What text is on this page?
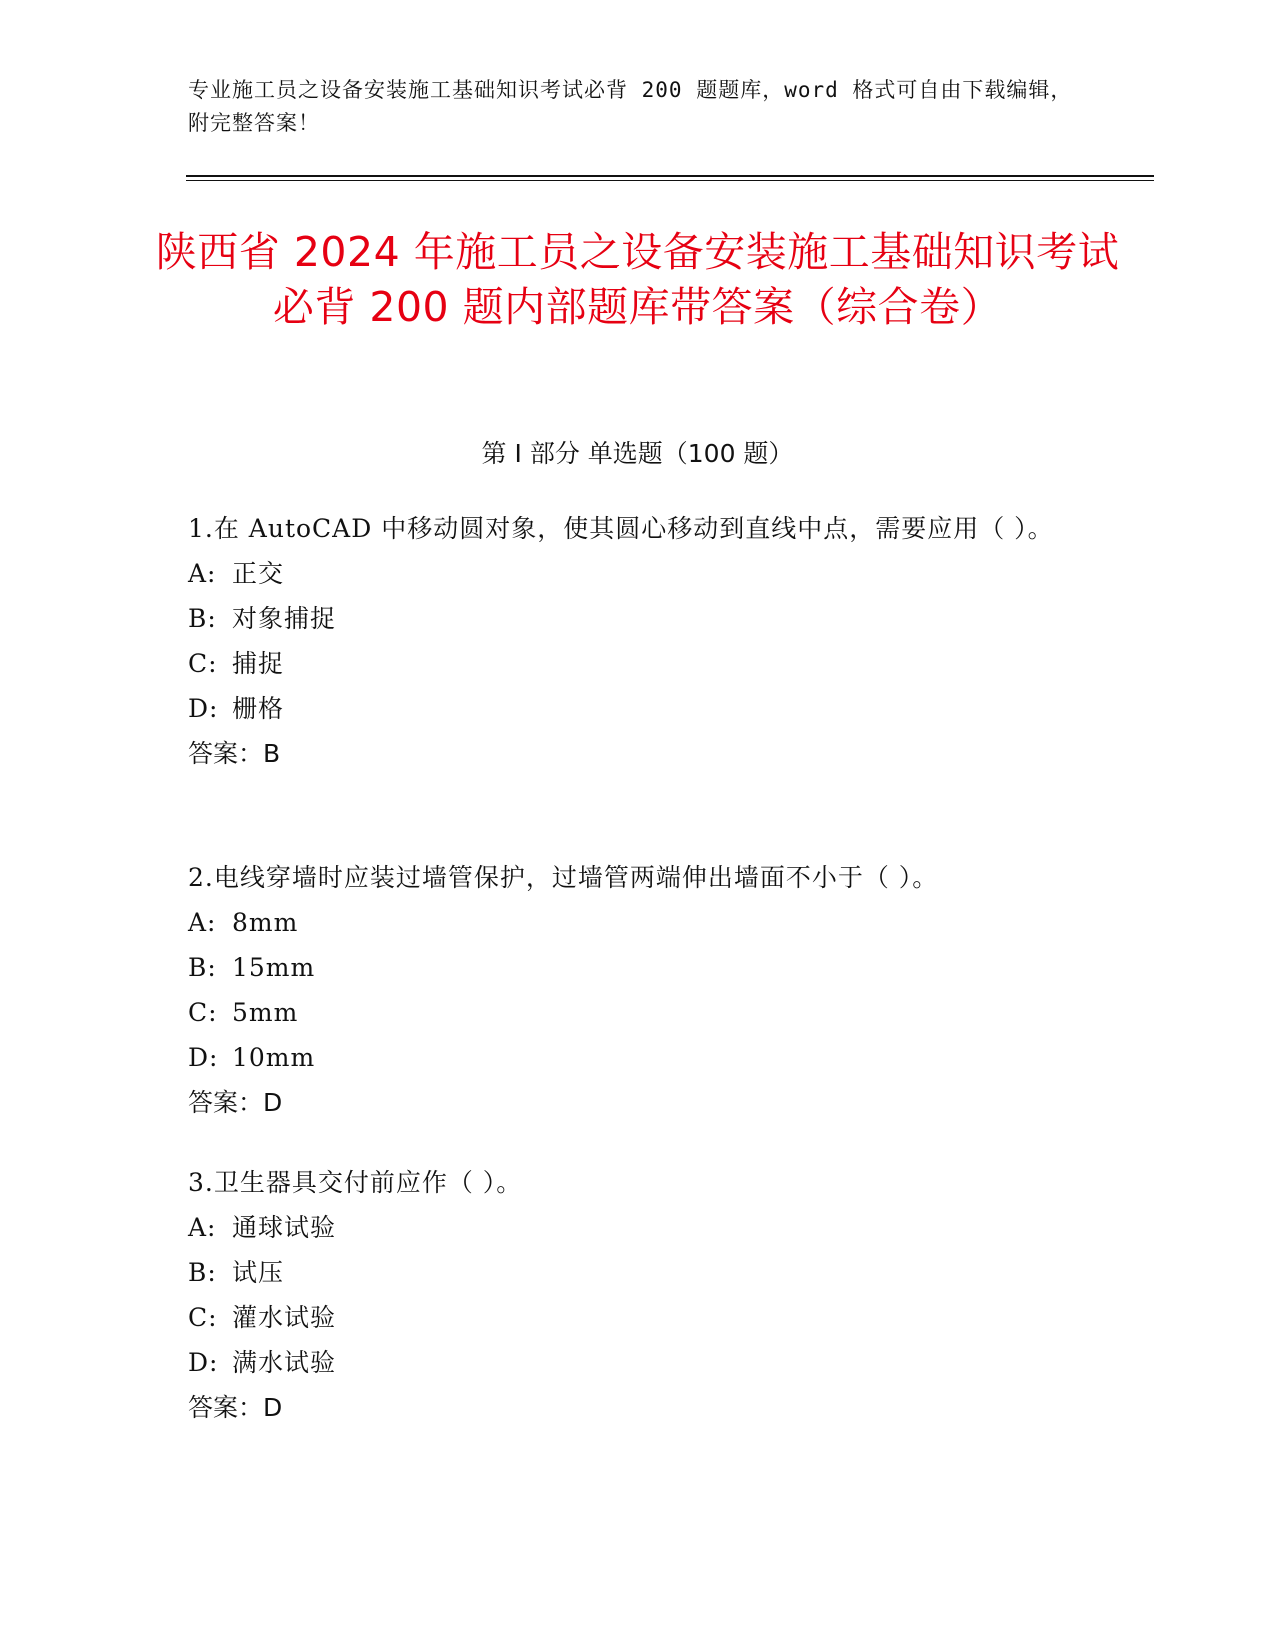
专业施工员之设备安装施工基础知识考试必背 200 题题库，word 格式可自由下载编辑，附完整答案！
陕西省 2024 年施工员之设备安装施工基础知识考试必背 200 题内部题库带答案（综合卷）
第 I 部分 单选题（100 题）
1.在 AutoCAD 中移动圆对象，使其圆心移动到直线中点，需要应用（ ）。
A: 正交
B: 对象捕捉
C: 捕捉
D: 栅格
答案：B
2.电线穿墙时应装过墙管保护，过墙管两端伸出墙面不小于（ ）。
A: 8mm
B: 15mm
C: 5mm
D: 10mm
答案：D
3.卫生器具交付前应作（ ）。
A: 通球试验
B: 试压
C: 灌水试验
D: 满水试验
答案：D
